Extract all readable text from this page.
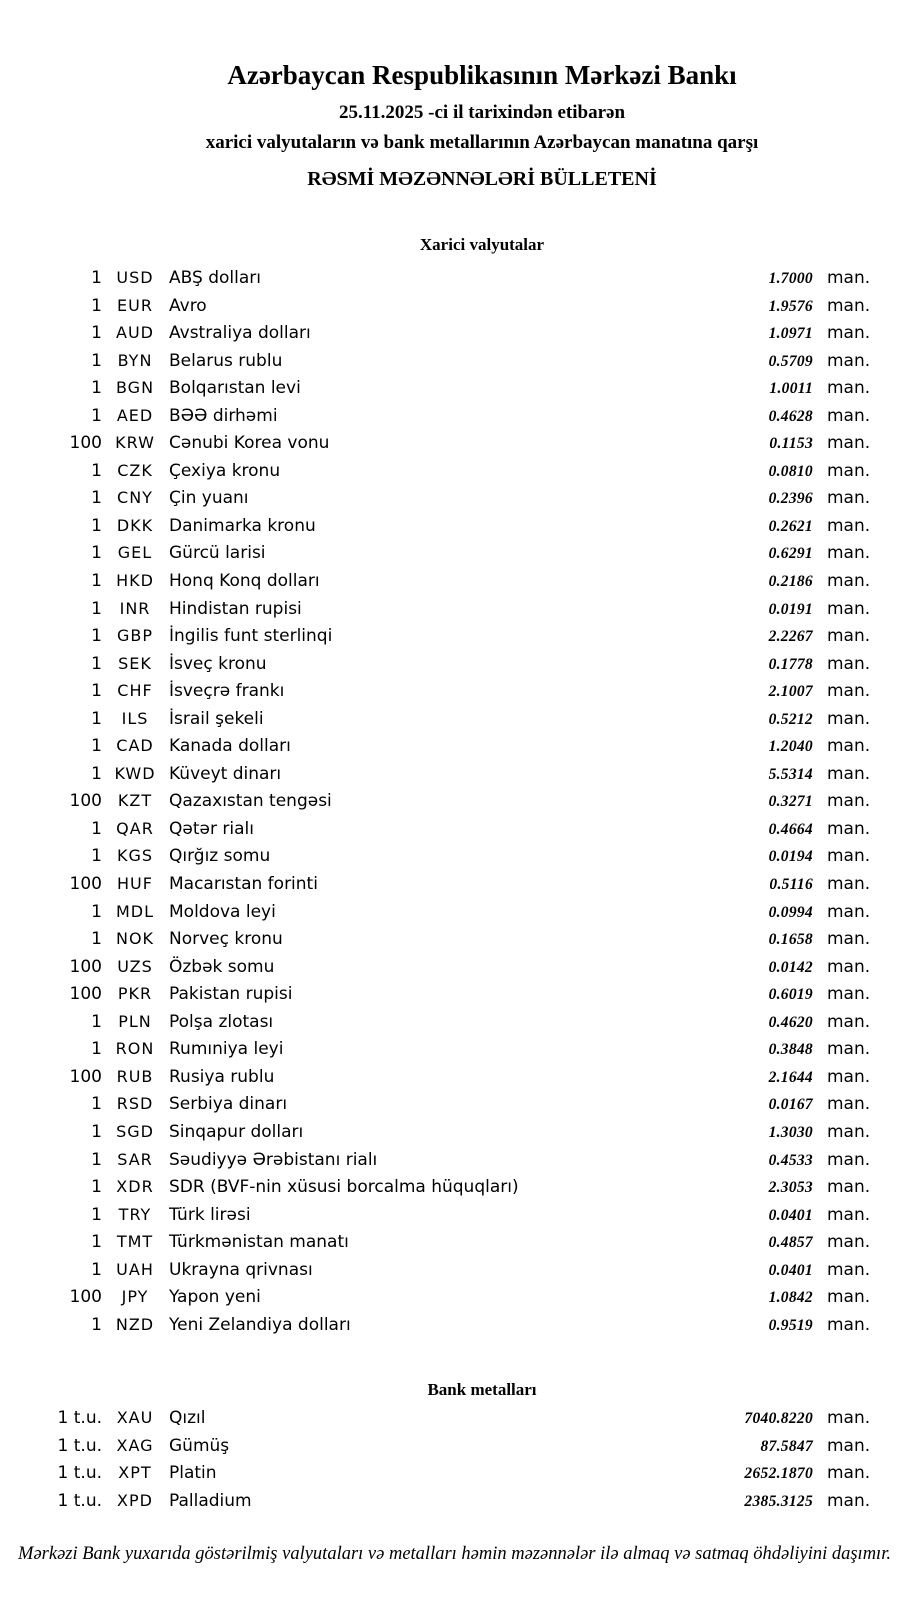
Azərbaycan Respublikasının Mərkəzi Bankı
25.11.2025 -ci il tarixindən etibarən
xarici valyutaların və bank metallarının Azərbaycan manatına qarşı
RƏSMİ MƏZƏNNƏLƏRİ BÜLLETENİ
Xarici valyutalar
1 USD ABŞ dolları	1.7000 man.
1 EUR Avro	1.9576 man.
1 AUD Avstraliya dolları	1.0971 man.
1 BYN Belarus rublu	0.5709 man.
1 BGN Bolqarıstan levi	1.0011 man.
1 AED BƏƏ dirhəmi	0.4628 man.
100 KRW Cənubi Korea vonu	0.1153 man.
1 CZK Çexiya kronu	0.0810 man.
1 CNY Çin yuanı	0.2396 man.
1 DKK Danimarka kronu	0.2621 man.
1 GEL Gürcü larisi	0.6291 man.
1 HKD Honq Konq dolları	0.2186 man.
1	INR	Hindistan rupisi	0.0191 man.
1 GBP İngilis funt sterlinqi	2.2267 man.
1	SEK	İsveç kronu	0.1778 man.
1 CHF İsveçrə frankı	2.1007 man.
1	ILS	İsrail şekeli	0.5212 man.
1 CAD Kanada dolları	1.2040 man.
1 KWD Küveyt dinarı	5.5314 man.
100 KZT Qazaxıstan tengəsi	0.3271 man.
1 QAR Qətər rialı	0.4664 man.
1 KGS Qırğız somu	0.0194 man.
100 HUF Macarıstan forinti	0.5116 man.
1 MDL Moldova leyi	0.0994 man.
1 NOK Norveç kronu	0.1658 man.
100 UZS Özbək somu	0.0142 man.
100 PKR Pakistan rupisi	0.6019 man.
1	PLN	Polşa zlotası	0.4620 man.
1 RON Rumıniya leyi	0.3848 man.
100 RUB Rusiya rublu	2.1644 man.
1 RSD Serbiya dinarı	0.0167 man.
1 SGD Sinqapur dolları	1.3030 man.
1 SAR Səudiyyə Ərəbistanı rialı	0.4533 man.
1 XDR SDR (BVF-nin xüsusi borcalma hüquqları)	2.3053 man.
1	TRY	Türk lirəsi	0.0401 man.
1 TMT Türkmənistan manatı	0.4857 man.
1 UAH Ukrayna qrivnası	0.0401 man.
100	JPY	Yapon yeni	1.0842 man.
1 NZD Yeni Zelandiya dolları	0.9519 man.
Bank metalları
1 t.u. XAU Qızıl	7040.8220 man.
1 t.u. XAG Gümüş	87.5847 man.
1 t.u.	XPT	Platin	2652.1870 man.
1 t.u. XPD Palladium	2385.3125 man.
Mərkəzi Bank yuxarıda göstərilmiş valyutaları və metalları həmin məzənnələr ilə almaq və satmaq öhdəliyini daşımır.
